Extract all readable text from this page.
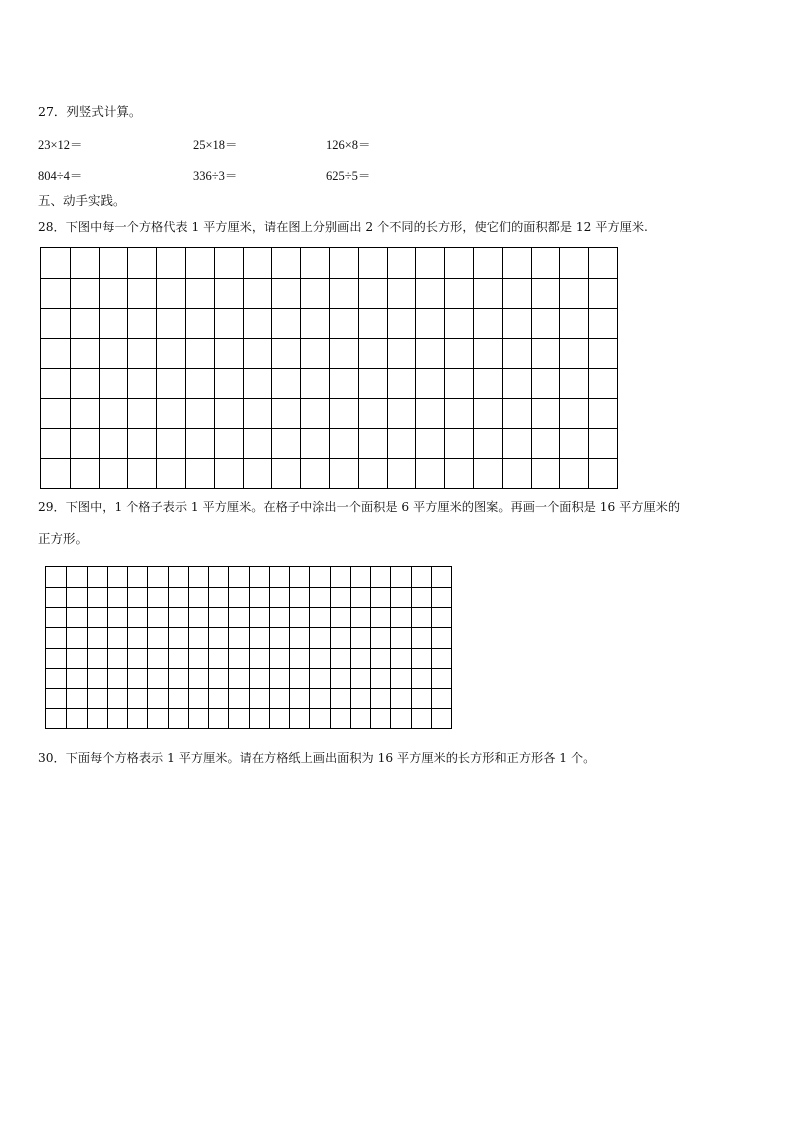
27．列竖式计算。
23×12＝	25×18＝	126×8＝
804÷4＝	336÷3＝	625÷5＝
五、动手实践。
28．下图中每一个方格代表 1 平方厘米，请在图上分别画出 2 个不同的长方形，使它们的面积都是 12 平方厘米.
29．下图中，1 个格子表示 1 平方厘米。在格子中涂出一个面积是 6 平方厘米的图案。再画一个面积是 16 平方厘米的
正方形。
30．下面每个方格表示 1 平方厘米。请在方格纸上画出面积为 16 平方厘米的长方形和正方形各 1 个。
